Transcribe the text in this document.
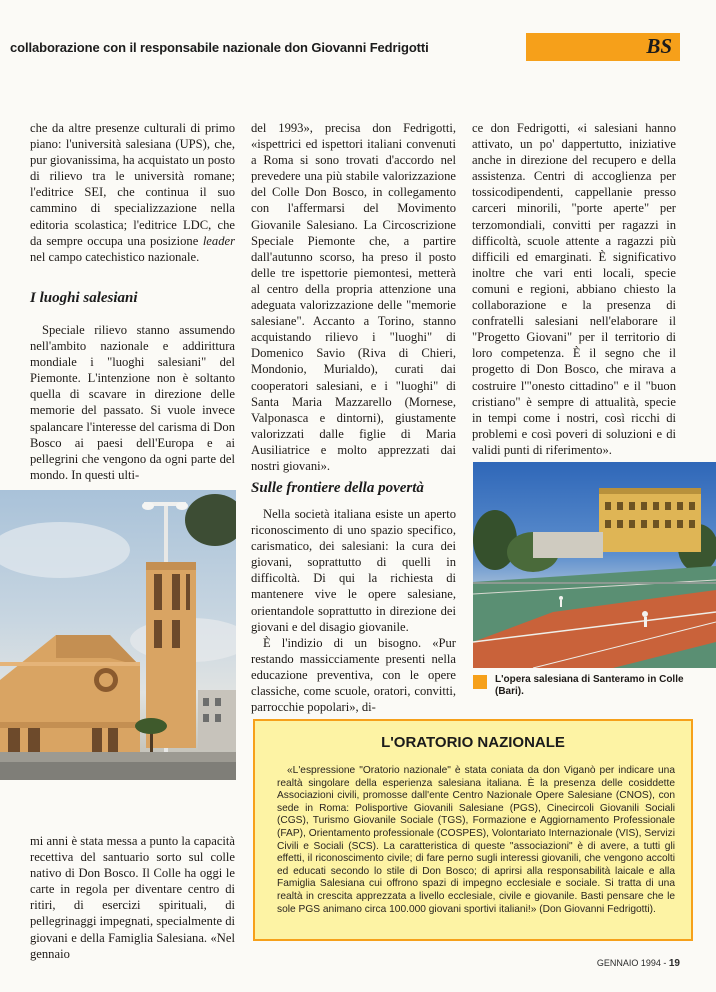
collaborazione con il responsabile nazionale don Giovanni Fedrigotti	BS

che da altre presenze culturali di primo piano: l'università salesiana (UPS), che, pur giovanissima, ha acquistato un posto di rilievo tra le università romane; l'editrice SEI, che continua il suo cammino di specializzazione nella editoria scolastica; l'editrice LDC, che da sempre occupa una posizione leader nel campo catechistico nazionale.

I luoghi salesiani

Speciale rilievo stanno assumendo nell'ambito nazionale e addirittura mondiale i "luoghi salesiani" del Piemonte. L'intenzione non è soltanto quella di scavare in direzione delle memorie del passato. Si vuole invece spalancare l'interesse del carisma di Don Bosco ai paesi dell'Europa e ai pellegrini che vengono da ogni parte del mondo. In questi ulti-

mi anni è stata messa a punto la capacità recettiva del santuario sorto sul colle nativo di Don Bosco. Il Colle ha oggi le carte in regola per diventare centro di ritiri, di esercizi spirituali, di pellegrinaggi impegnati, specialmente di giovani e della Famiglia Salesiana. «Nel gennaio

del 1993», precisa don Fedrigotti, «ispettrici ed ispettori italiani convenuti a Roma si sono trovati d'accordo nel prevedere una più stabile valorizzazione del Colle Don Bosco, in collegamento con l'affermarsi del Movimento Giovanile Salesiano. La Circoscrizione Speciale Piemonte che, a partire dall'autunno scorso, ha preso il posto delle tre ispettorie piemontesi, metterà al centro della propria attenzione una adeguata valorizzazione delle "memorie salesiane". Accanto a Torino, stanno acquistando rilievo i "luoghi" di Domenico Savio (Riva di Chieri, Mondonio, Murialdo), curati dai cooperatori salesiani, e i "luoghi" di Santa Maria Mazzarello (Mornese, Valponasca e dintorni), giustamente valorizzati dalle figlie di Maria Ausiliatrice e molto apprezzati dai nostri giovani».

Sulle frontiere della povertà

Nella società italiana esiste un aperto riconoscimento di uno spazio specifico, carismatico, dei salesiani: la cura dei giovani, soprattutto di quelli in difficoltà. Di qui la richiesta di mantenere vive le opere salesiane, orientandole soprattutto in direzione dei giovani e del disagio giovanile.

È l'indizio di un bisogno. «Pur restando massicciamente presenti nella educazione preventiva, con le opere classiche, come scuole, oratori, convitti, parrocchie popolari», di-

ce don Fedrigotti, «i salesiani hanno attivato, un po' dappertutto, iniziative anche in direzione del recupero e della assistenza. Centri di accoglienza per tossicodipendenti, cappellanie presso carceri minorili, "porte aperte" per terzomondiali, convitti per ragazzi in difficoltà, scuole attente a ragazzi più difficili ed emarginati. È significativo inoltre che vari enti locali, specie comuni e regioni, abbiano chiesto la collaborazione e la presenza di confratelli salesiani nell'elaborare il "Progetto Giovani" per il territorio di loro competenza. È il segno che il progetto di Don Bosco, che mirava a costruire l'"onesto cittadino" e il "buon cristiano" è sempre di attualità, specie in tempi come i nostri, così ricchi di problemi e così poveri di soluzioni e di validi punti di riferimento».

L'opera salesiana di Santeramo in Colle (Bari).
L'ORATORIO NAZIONALE
«L'espressione "Oratorio nazionale" è stata coniata da don Viganò per indicare una realtà singolare della esperienza salesiana italiana. È la presenza delle cosiddette Associazioni civili, promosse dall'ente Centro Nazionale Opere Salesiane (CNOS), con sede in Roma: Polisportive Giovanili Salesiane (PGS), Cinecircoli Giovanili Sociali (CGS), Turismo Giovanile Sociale (TGS), Formazione e Aggiornamento Professionale (FAP), Orientamento professionale (COSPES), Volontariato Internazionale (VIS), Servizi Civili e Sociali (SCS). La caratteristica di queste "associazioni" è di avere, a tutti gli effetti, il riconoscimento civile; di fare perno sugli interessi giovanili, che vengono accolti ed educati secondo lo stile di Don Bosco; di aprirsi alla responsabilità laicale e alla Famiglia Salesiana cui offrono spazi di impegno ecclesiale e sociale. Si tratta di una realtà in crescita apprezzata a livello ecclesiale, civile e giovanile. Basti pensare che le sole PGS animano circa 100.000 giovani sportivi italiani!» (Don Giovanni Fedrigotti).
GENNAIO 1994 - 19
